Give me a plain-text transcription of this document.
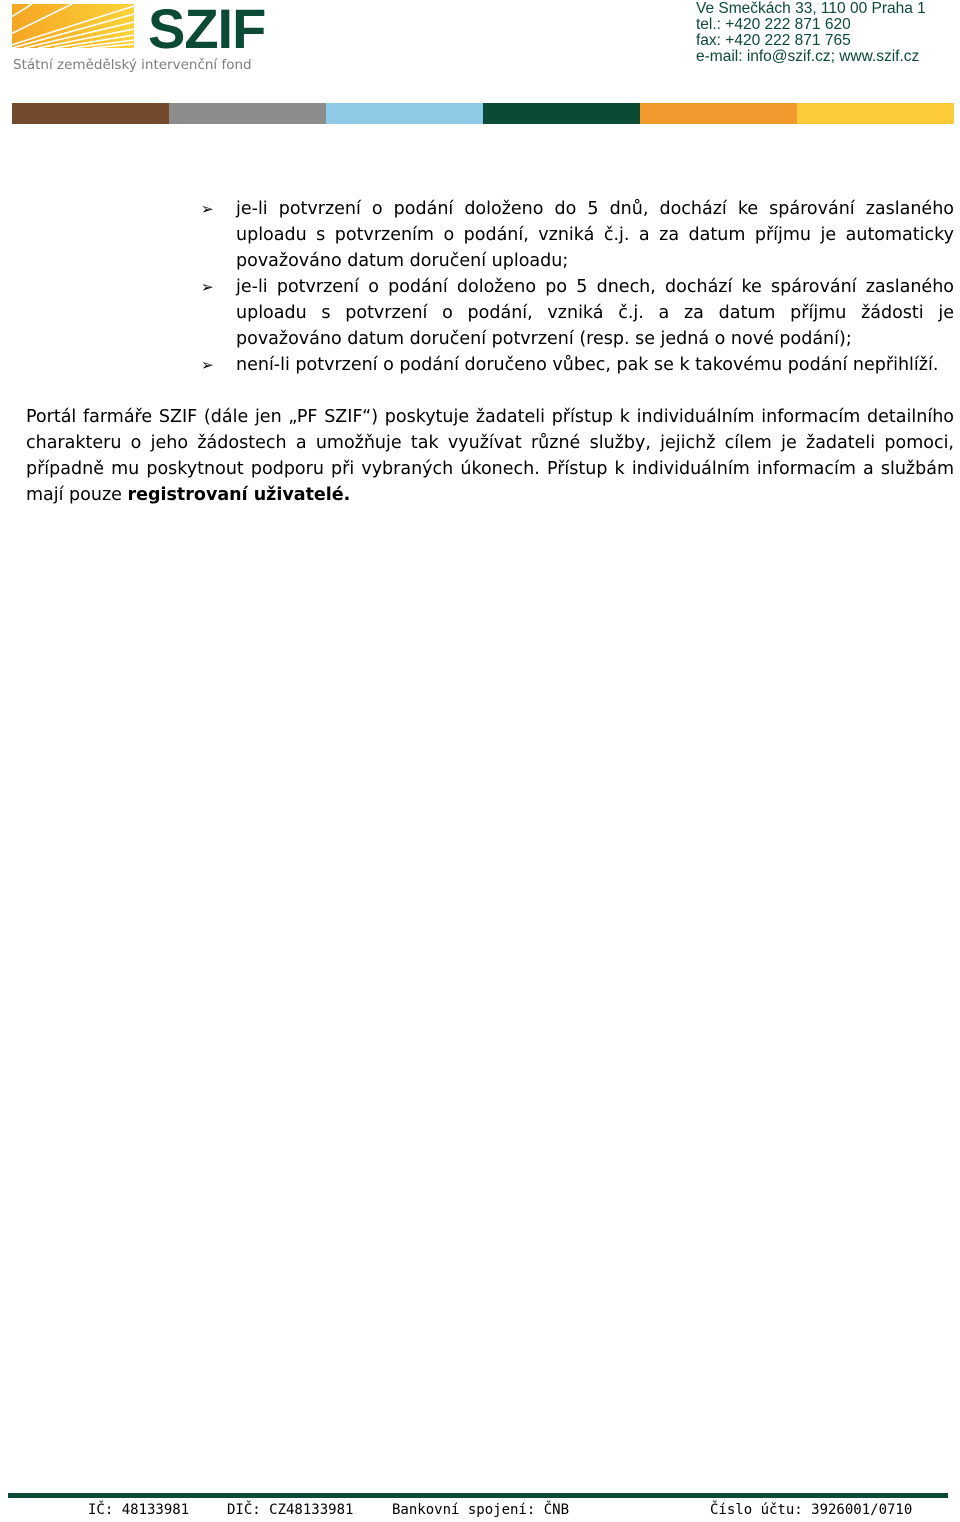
SZIF
Státní zemědělský intervenční fond
Ve Smečkách 33, 110 00 Praha 1
tel.: +420 222 871 620
fax: +420 222 871 765
e-mail: info@szif.cz; www.szif.cz
➢ je-li potvrzení o podání doloženo do 5 dnů, dochází ke spárování zaslaného uploadu s potvrzením o podání, vzniká č.j. a za datum příjmu je automaticky považováno datum doručení uploadu;
➢ je-li potvrzení o podání doloženo po 5 dnech, dochází ke spárování zaslaného uploadu s potvrzení o podání, vzniká č.j. a za datum příjmu žádosti je považováno datum doručení potvrzení (resp. se jedná o nové podání);
➢ není-li potvrzení o podání doručeno vůbec, pak se k takovému podání nepřihlíží.

Portál farmáře SZIF (dále jen „PF SZIF“) poskytuje žadateli přístup k individuálním informacím detailního charakteru o jeho žádostech a umožňuje tak využívat různé služby, jejichž cílem je žadateli pomoci, případně mu poskytnout podporu při vybraných úkonech. Přístup k individuálním informacím a službám mají pouze registrovaní uživatelé.

IČ: 48133981	DIČ: CZ48133981	Bankovní spojení: ČNB	Číslo účtu: 3926001/0710
